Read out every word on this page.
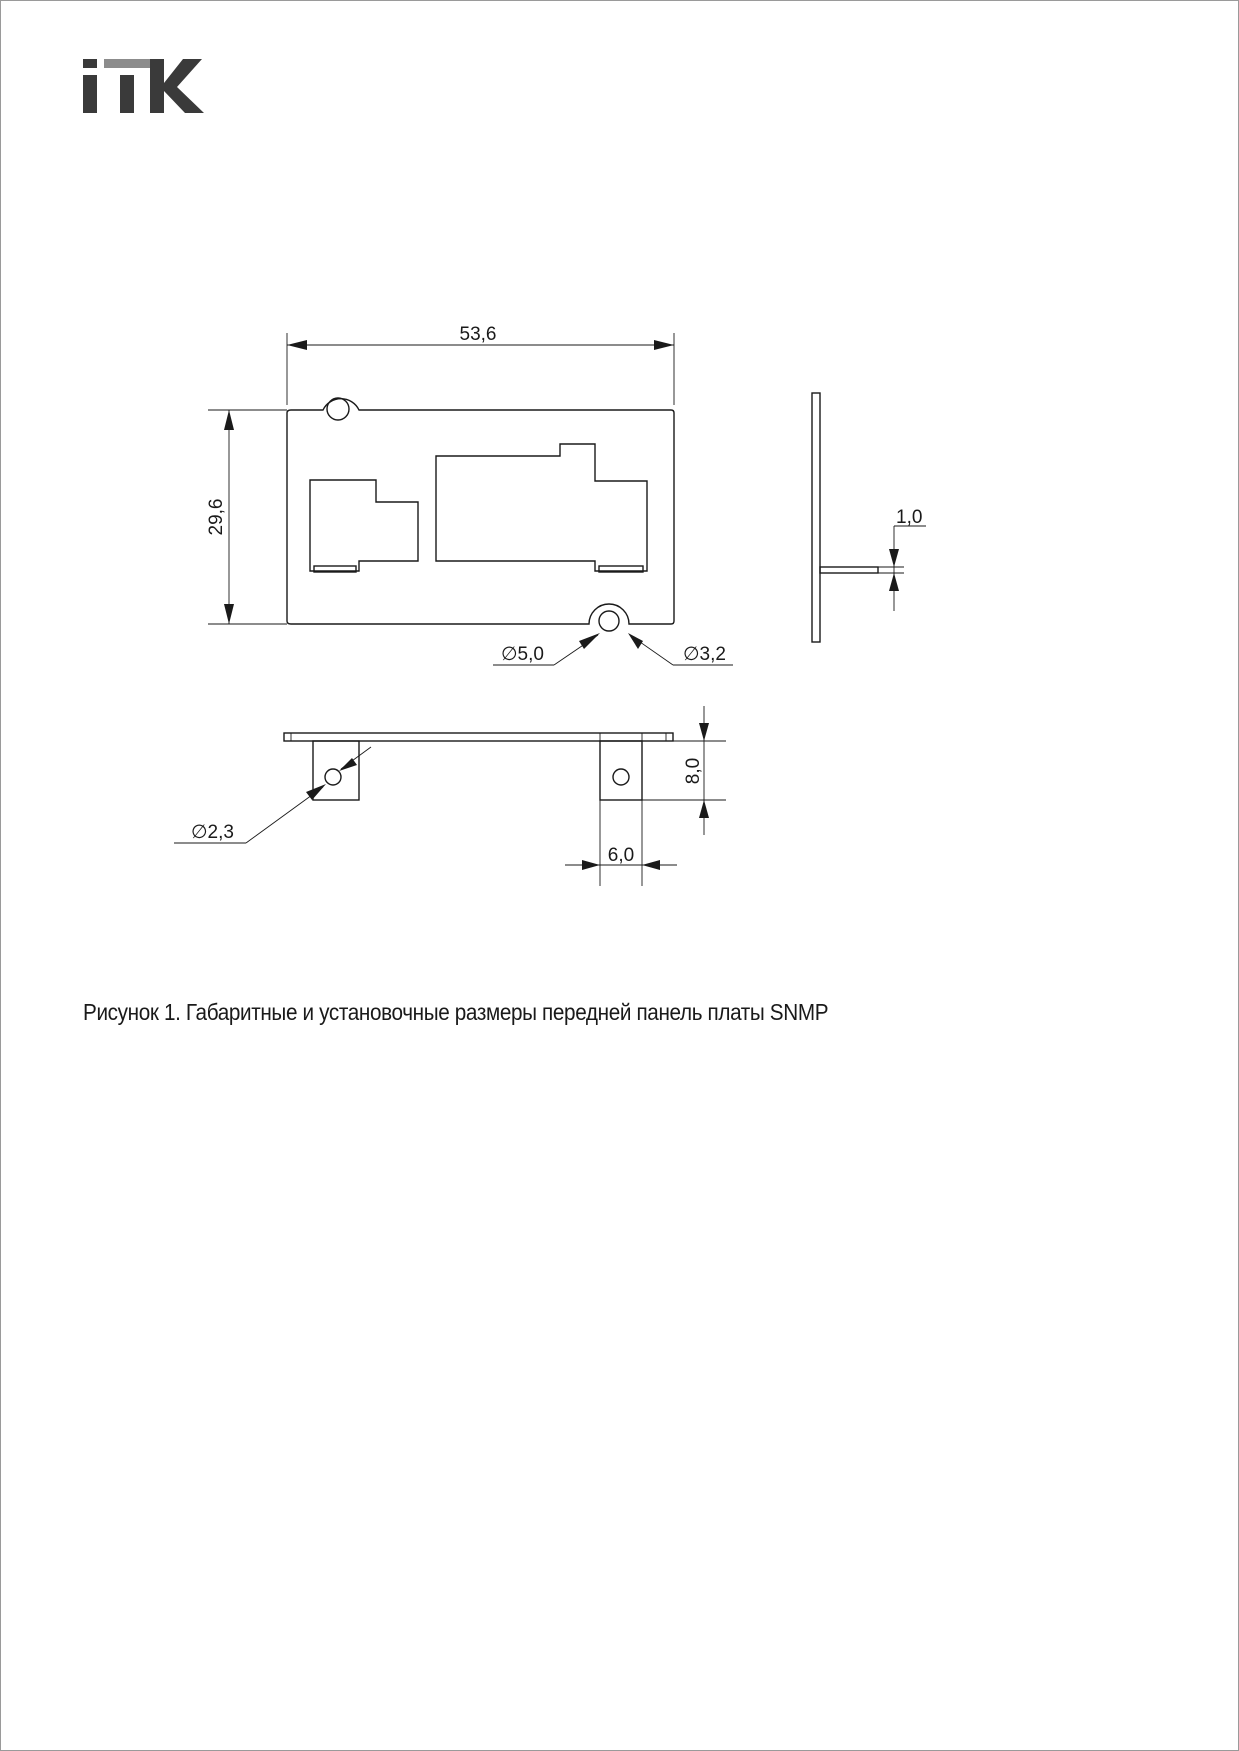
53,6
29,6
∅5,0	∅3,2
1,0
∅2,3
8,0
6,0
Рисунок 1. Габаритные и установочные размеры передней панель платы SNMP
